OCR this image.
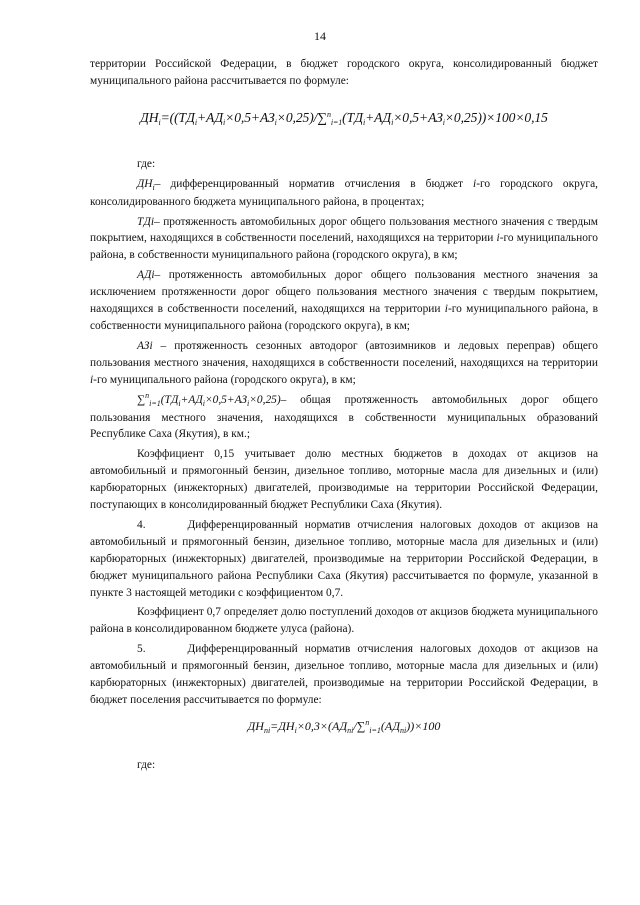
14

территории Российской Федерации, в бюджет городского округа, консолидированный бюджет муниципального района рассчитывается по формуле:

$ДН_i=((ТД_i+АД_i\times 0,5+АЗ_i\times 0,25)/\sum^n_{i=1}(ТД_i+АД_i\times 0,5+АЗ_i\times 0,25))\times 100\times 0,15$

где:

$ДН_i-$ дифференцированный норматив отчисления в бюджет i-го городского округа, консолидированного бюджета муниципального района, в процентах;

ТДi– протяженность автомобильных дорог общего пользования местного значения с твердым покрытием, находящихся в собственности поселений, находящихся на территории i-го муниципального района, в собственности муниципального района (городского округа), в км;

АДi– протяженность автомобильных дорог общего пользования местного значения за исключением протяженности дорог общего пользования местного значения с твердым покрытием, находящихся в собственности поселений, находящихся на территории i-го муниципального района, в собственности муниципального района (городского округа), в км;

АЗi – протяженность сезонных автодорог (автозимников и ледовых переправ) общего пользования местного значения, находящихся в собственности поселений, находящихся на территории i-го муниципального района (городского округа), в км;

$\sum^n_{i=1}(ТД_i+АД_i\times 0,5+АЗ_i\times 0,25)-$ общая протяженность автомобильных дорог общего пользования местного значения, находящихся в собственности муниципальных образований Республике Саха (Якутия), в км.;

Коэффициент 0,15 учитывает долю местных бюджетов в доходах от акцизов на автомобильный и прямогонный бензин, дизельное топливо, моторные масла для дизельных и (или) карбюраторных (инжекторных) двигателей, производимые на территории Российской Федерации, поступающих в консолидированный бюджет Республики Саха (Якутия).

4.	Дифференцированный норматив отчисления налоговых доходов от акцизов на автомобильный и прямогонный бензин, дизельное топливо, моторные масла для дизельных и (или) карбюраторных (инжекторных) двигателей, производимые на территории Российской Федерации, в бюджет муниципального района Республики Саха (Якутия) рассчитывается по формуле, указанной в пункте 3 настоящей методики с коэффициентом 0,7.

Коэффициент 0,7 определяет долю поступлений доходов от акцизов бюджета муниципального района в консолидированном бюджете улуса (района).

5.	Дифференцированный норматив отчисления налоговых доходов от акцизов на автомобильный и прямогонный бензин, дизельное топливо, моторные масла для дизельных и (или) карбюраторных (инжекторных) двигателей, производимые на территории Российской Федерации, в бюджет поселения рассчитывается по формуле:

$ДН_{пi}=ДН_i\times 0,3\times(АД_{пi}/\sum^n_{i=1}(АД_{пi}))\times 100$

где:
